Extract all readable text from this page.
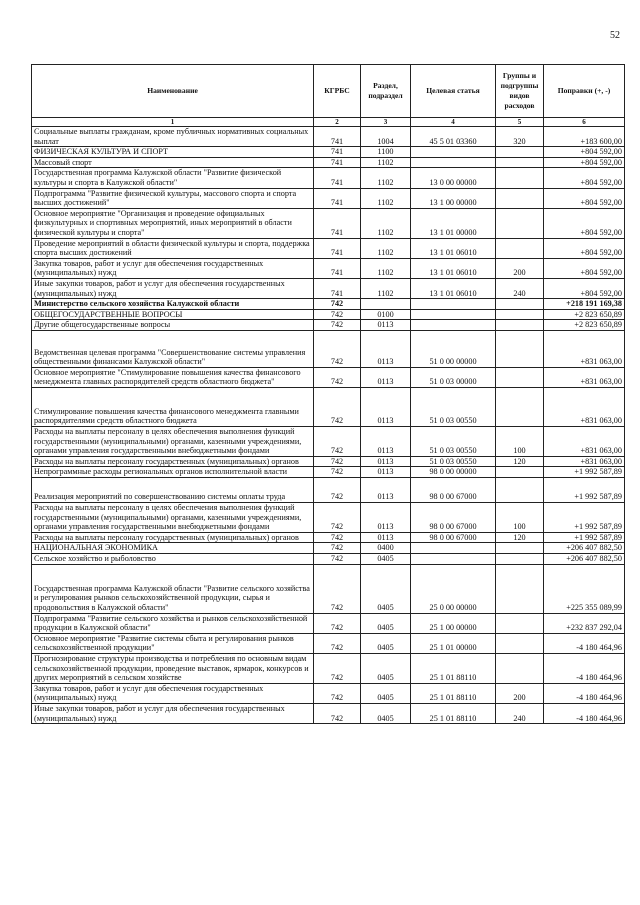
52
Наименование	КГРБС	Раздел, подраздел	Целевая статья	Группы и подгруппы видов расходов	Поправки (+, -)
1	2	3	4	5	6
Социальные выплаты гражданам, кроме публичных нормативных социальных выплат	741	1004	45 5 01 03360	320	+183 600,00
ФИЗИЧЕСКАЯ КУЛЬТУРА И СПОРТ	741	1100			+804 592,00
Массовый спорт	741	1102			+804 592,00
Государственная программа Калужской области "Развитие физической культуры и спорта в Калужской области"	741	1102	13 0 00 00000		+804 592,00
Подпрограмма "Развитие физической культуры, массового спорта и спорта высших достижений"	741	1102	13 1 00 00000		+804 592,00
Основное мероприятие "Организация и проведение официальных физкультурных и спортивных мероприятий, иных мероприятий в области физической культуры и спорта"	741	1102	13 1 01 00000		+804 592,00
Проведение мероприятий в области физической культуры и спорта, поддержка спорта высших достижений	741	1102	13 1 01 06010		+804 592,00
Закупка товаров, работ и услуг для обеспечения государственных (муниципальных) нужд	741	1102	13 1 01 06010	200	+804 592,00
Иные закупки товаров, работ и услуг для обеспечения государственных (муниципальных) нужд	741	1102	13 1 01 06010	240	+804 592,00
Министерство сельского хозяйства Калужской области	742				+218 191 169,38
ОБЩЕГОСУДАРСТВЕННЫЕ ВОПРОСЫ	742	0100			+2 823 650,89
Другие общегосударственные вопросы	742	0113			+2 823 650,89
Ведомственная целевая программа "Совершенствование системы управления общественными финансами Калужской области"	742	0113	51 0 00 00000		+831 063,00
Основное мероприятие "Стимулирование повышения качества финансового менеджмента главных распорядителей средств областного бюджета"	742	0113	51 0 03 00000		+831 063,00
Стимулирование повышения качества финансового менеджмента главными распорядителями средств областного бюджета	742	0113	51 0 03 00550		+831 063,00
Расходы на выплаты персоналу в целях обеспечения выполнения функций государственными (муниципальными) органами, казенными учреждениями, органами управления государственными внебюджетными фондами	742	0113	51 0 03 00550	100	+831 063,00
Расходы на выплаты персоналу государственных (муниципальных) органов	742	0113	51 0 03 00550	120	+831 063,00
Непрограммные расходы региональных органов исполнительной власти	742	0113	98 0 00 00000		+1 992 587,89
Реализация мероприятий по совершенствованию системы оплаты труда	742	0113	98 0 00 67000		+1 992 587,89
Расходы на выплаты персоналу в целях обеспечения выполнения функций государственными (муниципальными) органами, казенными учреждениями, органами управления государственными внебюджетными фондами	742	0113	98 0 00 67000	100	+1 992 587,89
Расходы на выплаты персоналу государственных (муниципальных) органов	742	0113	98 0 00 67000	120	+1 992 587,89
НАЦИОНАЛЬНАЯ ЭКОНОМИКА	742	0400			+206 407 882,50
Сельское хозяйство и рыболовство	742	0405			+206 407 882,50
Государственная программа Калужской области "Развитие сельского хозяйства и регулирования рынков сельскохозяйственной продукции, сырья и продовольствия в Калужской области"	742	0405	25 0 00 00000		+225 355 089,99
Подпрограмма "Развитие сельского хозяйства и рынков сельскохозяйственной продукции в Калужской области"	742	0405	25 1 00 00000		+232 837 292,04
Основное мероприятие "Развитие системы сбыта и регулирования рынков сельскохозяйственной продукции"	742	0405	25 1 01 00000		-4 180 464,96
Прогнозирование структуры производства и потребления по основным видам сельскохозяйственной продукции, проведение выставок, ярмарок, конкурсов и других мероприятий в сельском хозяйстве	742	0405	25 1 01 88110		-4 180 464,96
Закупка товаров, работ и услуг для обеспечения государственных (муниципальных) нужд	742	0405	25 1 01 88110	200	-4 180 464,96
Иные закупки товаров, работ и услуг для обеспечения государственных (муниципальных) нужд	742	0405	25 1 01 88110	240	-4 180 464,96
